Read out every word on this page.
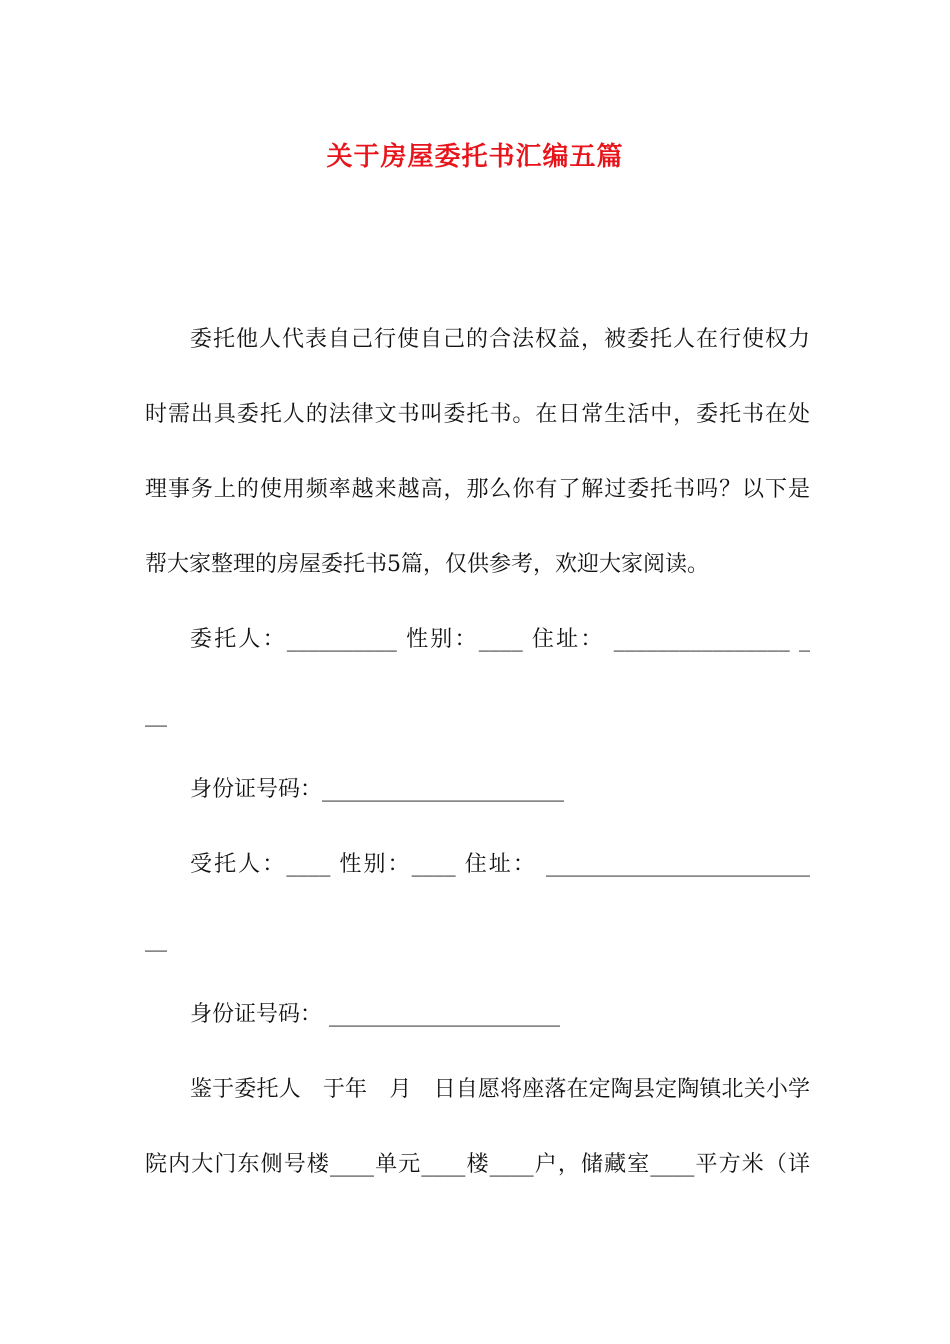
关于房屋委托书汇编五篇
委托他人代表自己行使自己的合法权益，被委托人在行使权力
时需出具委托人的法律文书叫委托书。在日常生活中，委托书在处
理事务上的使用频率越来越高，那么你有了解过委托书吗？以下是
帮大家整理的房屋委托书5篇，仅供参考，欢迎大家阅读。
委托人：__________ 性别：____ 住址： ________________ _
__
身份证号码：______________________
受托人：____ 性别：____ 住址： ________________________
__
身份证号码： _____________________
鉴于委托人　于年　月　日自愿将座落在定陶县定陶镇北关小学
院内大门东侧号楼____单元____楼____户，储藏室____平方米（详
